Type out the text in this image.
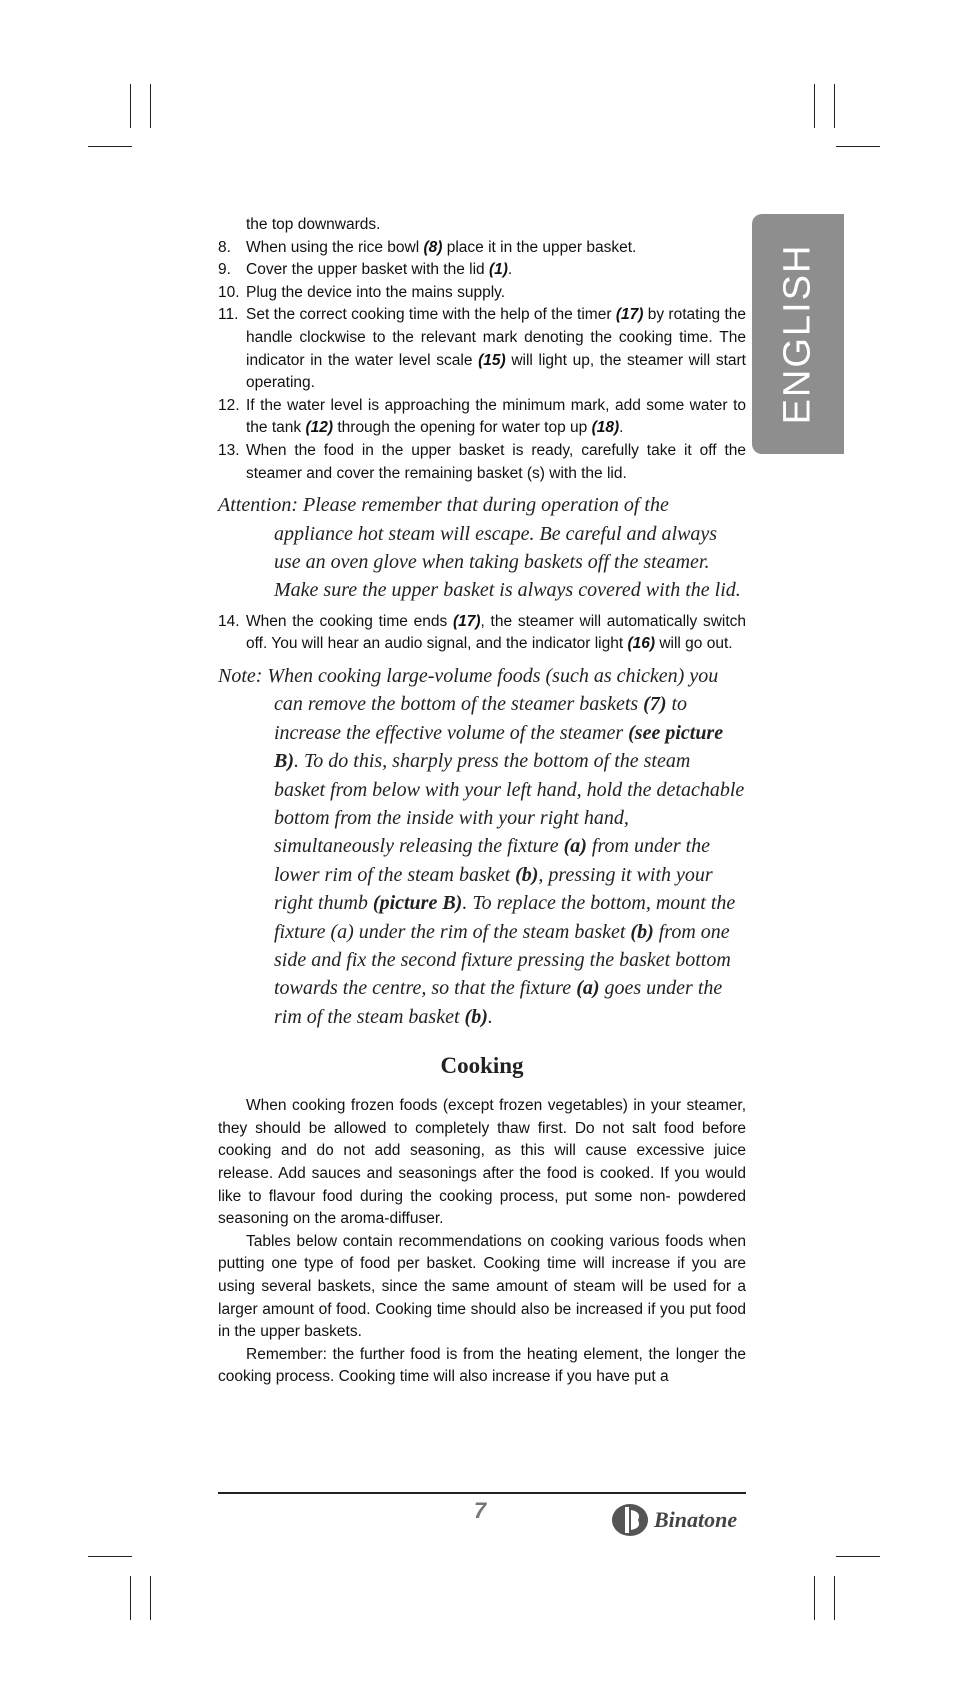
ENGLISH
the top downwards.
8. When using the rice bowl (8) place it in the upper basket.
9. Cover the upper basket with the lid (1).
10. Plug the device into the mains supply.
11. Set the correct cooking time with the help of the timer (17) by rotating the handle clockwise to the relevant mark denoting the cooking time. The indicator in the water level scale (15) will light up, the steamer will start operating.
12. If the water level is approaching the minimum mark, add some water to the tank (12) through the opening for water top up (18).
13. When the food in the upper basket is ready, carefully take it off the steamer and cover the remaining basket (s) with the lid.
Attention: Please remember that during operation of the appliance hot steam will escape. Be careful and always use an oven glove when taking baskets off the steamer. Make sure the upper basket is always covered with the lid.
14. When the cooking time ends (17), the steamer will automatically switch off. You will hear an audio signal, and the indicator light (16) will go out.
Note: When cooking large-volume foods (such as chicken) you can remove the bottom of the steamer baskets (7) to increase the effective volume of the steamer (see picture B). To do this, sharply press the bottom of the steam basket from below with your left hand, hold the detachable bottom from the inside with your right hand, simultaneously releasing the fixture (a) from under the lower rim of the steam basket (b), pressing it with your right thumb (picture B). To replace the bottom, mount the fixture (a) under the rim of the steam basket (b) from one side and fix the second fixture pressing the basket bottom towards the centre, so that the fixture (a) goes under the rim of the steam basket (b).
Cooking

When cooking frozen foods (except frozen vegetables) in your steamer, they should be allowed to completely thaw first. Do not salt food before cooking and do not add seasoning, as this will cause excessive juice release. Add sauces and seasonings after the food is cooked. If you would like to flavour food during the cooking process, put some non- powdered seasoning on the aroma-diffuser.

Tables below contain recommendations on cooking various foods when putting one type of food per basket. Cooking time will increase if you are using several baskets, since the same amount of steam will be used for a larger amount of food. Cooking time should also be increased if you put food in the upper baskets.

Remember: the further food is from the heating element, the longer the cooking process. Cooking time will also increase if you have put a

7	Binatone
